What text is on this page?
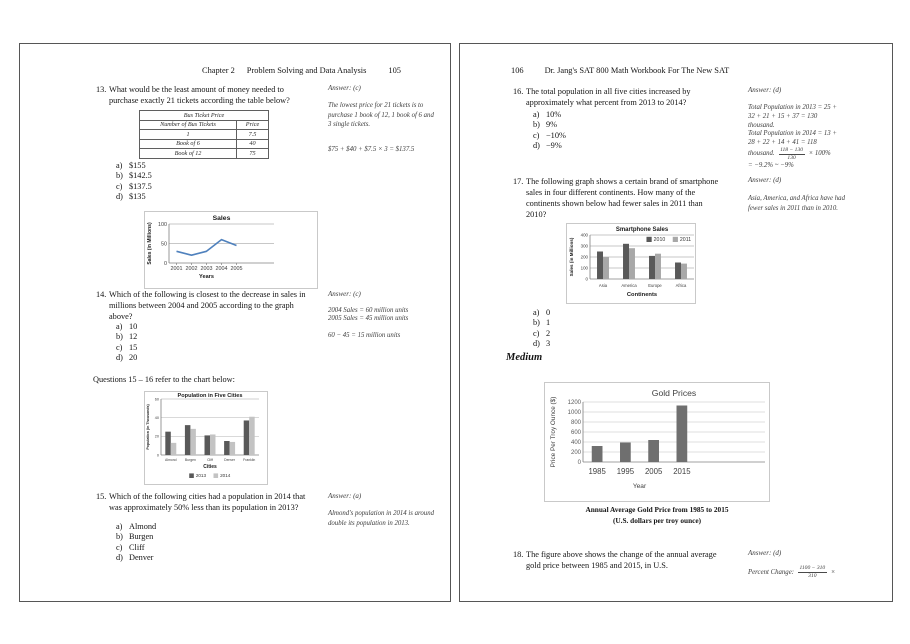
Chapter 2 Problem Solving and Data Analysis	105
13. What would be the least amount of money needed to purchase exactly 21 tickets according the table below?
Bus Ticket Price	
Number of Bus Tickets	Price
1	7.5
Book of 6	40
Book of 12	75
a) $155
b) $142.5
c) $137.5
d) $135
0
50
100
2001 2002 2003 2004 2005
Sales
Years
Sales (in Millions)
14. Which of the following is closest to the decrease in sales in millions between 2004 and 2005 according to the graph above?
a) 10
b) 12
c) 15
d) 20
Questions 15 – 16 refer to the chart below:
0
20
40
60
Almond Burgen	Cliff	Denver Franklin
Population in Five Cities
Cities
Population (in Thousands)
2013	2014
15. Which of the following cities had a population in 2014 that was approximately 50% less than its population in 2013?
a) Almond
b) Burgen
c) Cliff
d) Denver
Answer: (c)
The lowest price for 21 tickets is to purchase 1 book of 12, 1 book of 6 and 3 single tickets.
$75 + $40 + $7.5 × 3 = $137.5
Answer: (c)
2004 Sales = 60 million units
2005 Sales = 45 million units
60 − 45 = 15 million units
Answer: (a)
Almond's population in 2014 is around double its population in 2013.
106	Dr. Jang's SAT 800 Math Workbook For The New SAT
16. The total population in all five cities increased by approximately what percent from 2013 to 2014?
a) 10%
b) 9%
c) −10%
d) −9%
Answer: (d)
Total Population in 2013 = 25 +
32 + 21 + 15 + 37 = 130
thousand.
Total Population in 2014 = 13 +
28 + 22 + 14 + 41 = 118
thousand. $\frac{118 - 130}{130} \times 100\%$
= −9.2% ~ −9%
17. The following graph shows a certain brand of smartphone sales in four different continents. How many of the continents shown below had fewer sales in 2011 than 2010?
Answer: (d)
Asia, America, and Africa have had fewer sales in 2011 than in 2010.
0
100
200
300
400
Asia	America	Europe	Africa
Smartphone Sales
Continents
Sales (in Millions)	2010	2011
a) 0
b) 1
c) 2
d) 3
Medium
0
200
400
600
800
1000
1200
1985 1995 2005 2015
Gold Prices
Year
Price Per Troy Ounce ($)
Annual Average Gold Price from 1985 to 2015
(U.S. dollars per troy ounce)
18. The figure above shows the change of the annual average gold price between 1985 and 2015, in U.S.
Answer: (d)
Percent Change: $\frac{1100 - 310}{310}$ ×
